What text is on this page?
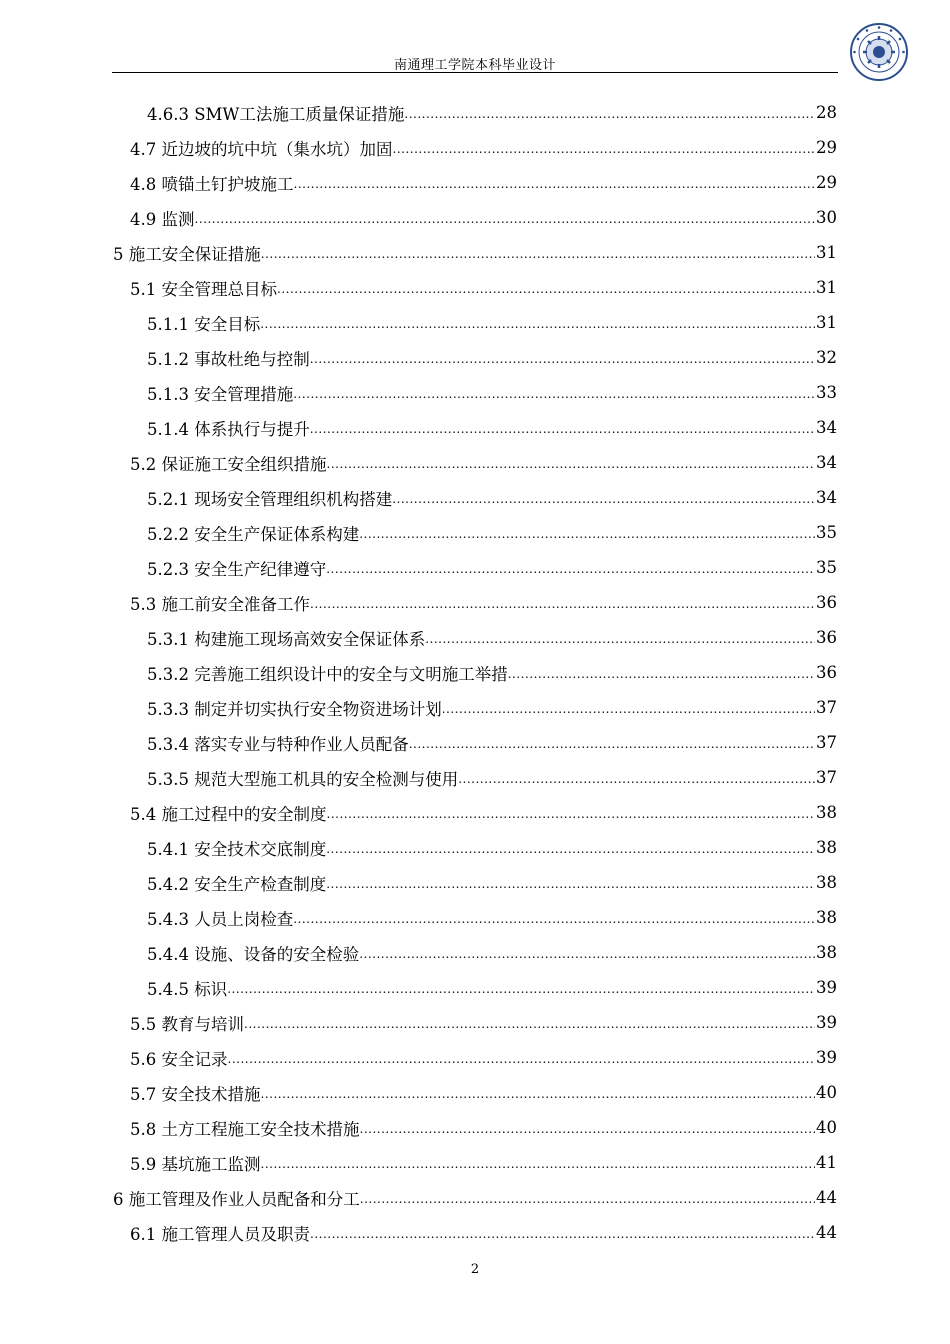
南通理工学院本科毕业设计
4.6.3 SMW工法施工质量保证措施 .....	28
4.7 近边坡的坑中坑（集水坑）加固 .....	29
4.8 喷锚土钉护坡施工 .....	29
4.9 监测 .....	30
5 施工安全保证措施 .....	31
5.1 安全管理总目标 .....	31
5.1.1 安全目标 .....	31
5.1.2 事故杜绝与控制 .....	32
5.1.3 安全管理措施 .....	33
5.1.4 体系执行与提升 .....	34
5.2 保证施工安全组织措施 .....	34
5.2.1 现场安全管理组织机构搭建 .....	34
5.2.2 安全生产保证体系构建 .....	35
5.2.3 安全生产纪律遵守 .....	35
5.3 施工前安全准备工作 .....	36
5.3.1 构建施工现场高效安全保证体系 .....	36
5.3.2 完善施工组织设计中的安全与文明施工举措 .....	36
5.3.3 制定并切实执行安全物资进场计划 .....	37
5.3.4 落实专业与特种作业人员配备 .....	37
5.3.5 规范大型施工机具的安全检测与使用 .....	37
5.4 施工过程中的安全制度 .....	38
5.4.1 安全技术交底制度 .....	38
5.4.2 安全生产检查制度 .....	38
5.4.3 人员上岗检查 .....	38
5.4.4 设施、设备的安全检验 .....	38
5.4.5 标识 .....	39
5.5 教育与培训 .....	39
5.6 安全记录 .....	39
5.7 安全技术措施 .....	40
5.8 土方工程施工安全技术措施 .....	40
5.9 基坑施工监测 .....	41
6 施工管理及作业人员配备和分工 .....	44
6.1 施工管理人员及职责 .....	44
2
